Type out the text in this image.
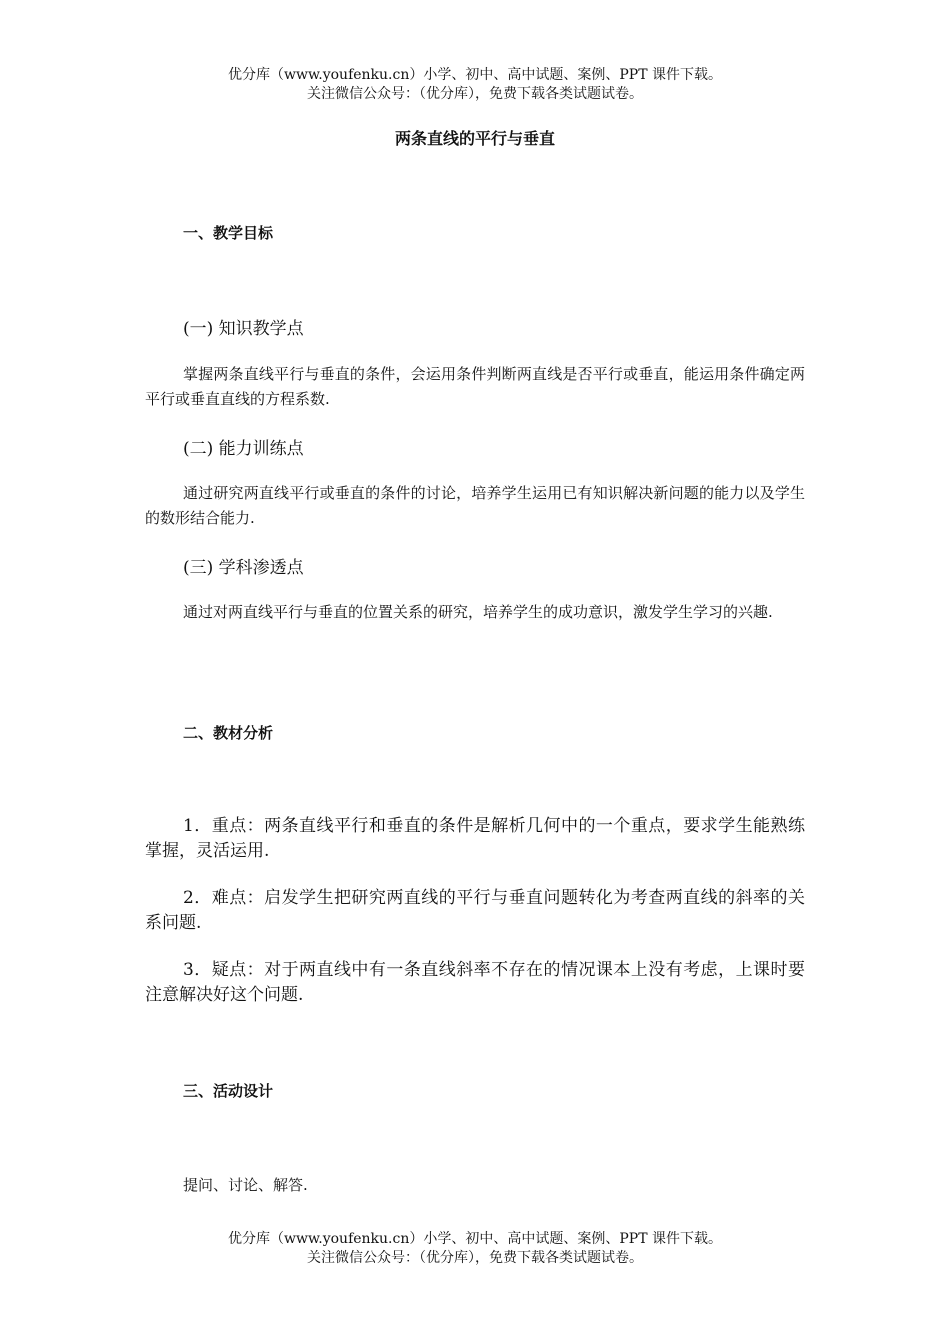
优分库（www.youfenku.cn）小学、初中、高中试题、案例、PPT 课件下载。
关注微信公众号：（优分库），免费下载各类试题试卷。
两条直线的平行与垂直
一、教学目标
(一) 知识教学点
掌握两条直线平行与垂直的条件，会运用条件判断两直线是否平行或垂直，能运用条件确定两平行或垂直直线的方程系数.
(二) 能力训练点
通过研究两直线平行或垂直的条件的讨论，培养学生运用已有知识解决新问题的能力以及学生的数形结合能力.
(三) 学科渗透点
通过对两直线平行与垂直的位置关系的研究，培养学生的成功意识，激发学生学习的兴趣.
二、教材分析
1．重点：两条直线平行和垂直的条件是解析几何中的一个重点，要求学生能熟练掌握，灵活运用.
2．难点：启发学生把研究两直线的平行与垂直问题转化为考查两直线的斜率的关系问题.
3．疑点：对于两直线中有一条直线斜率不存在的情况课本上没有考虑，上课时要注意解决好这个问题.
三、活动设计
提问、讨论、解答.
优分库（www.youfenku.cn）小学、初中、高中试题、案例、PPT 课件下载。
关注微信公众号：（优分库），免费下载各类试题试卷。
